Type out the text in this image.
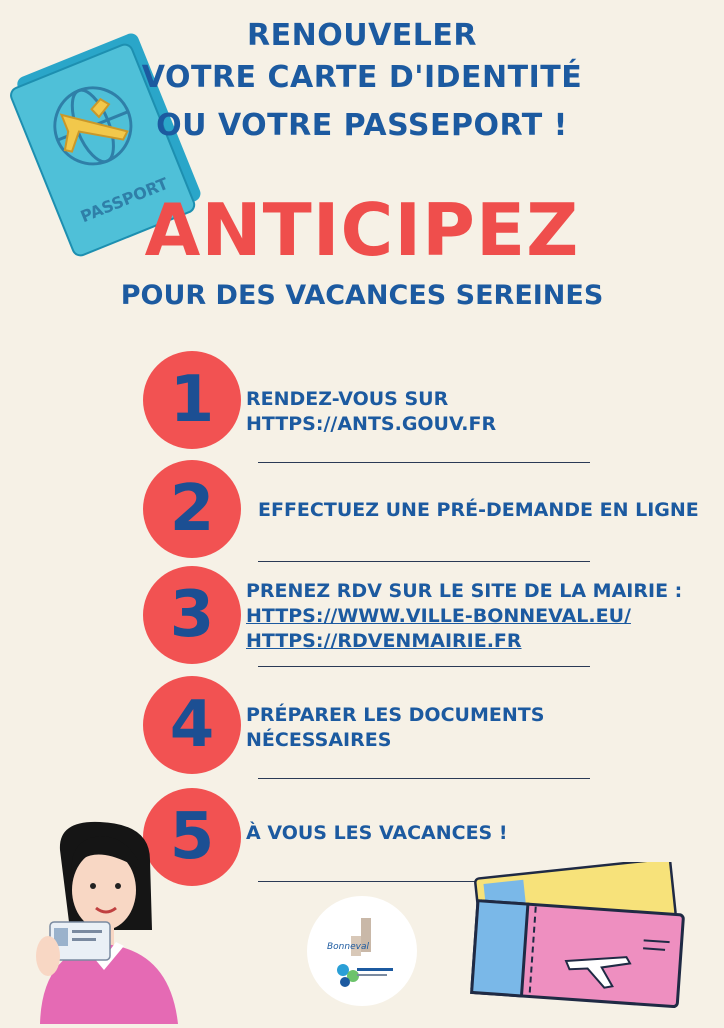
PASSPORT
RENOUVELER
VOTRE CARTE D'IDENTITÉ
OU VOTRE PASSEPORT !
ANTICIPEZ
POUR DES VACANCES SEREINES
1	RENDEZ-VOUS SUR
HTTPS://ANTS.GOUV.FR
2	EFFECTUEZ UNE PRÉ-DEMANDE EN LIGNE
3	PRENEZ RDV SUR LE SITE DE LA MAIRIE :
HTTPS://WWW.VILLE-BONNEVAL.EU/
HTTPS://RDVENMAIRIE.FR
4	PRÉPARER LES DOCUMENTS
NÉCESSAIRES
5	À VOUS LES VACANCES !
Bonneval
